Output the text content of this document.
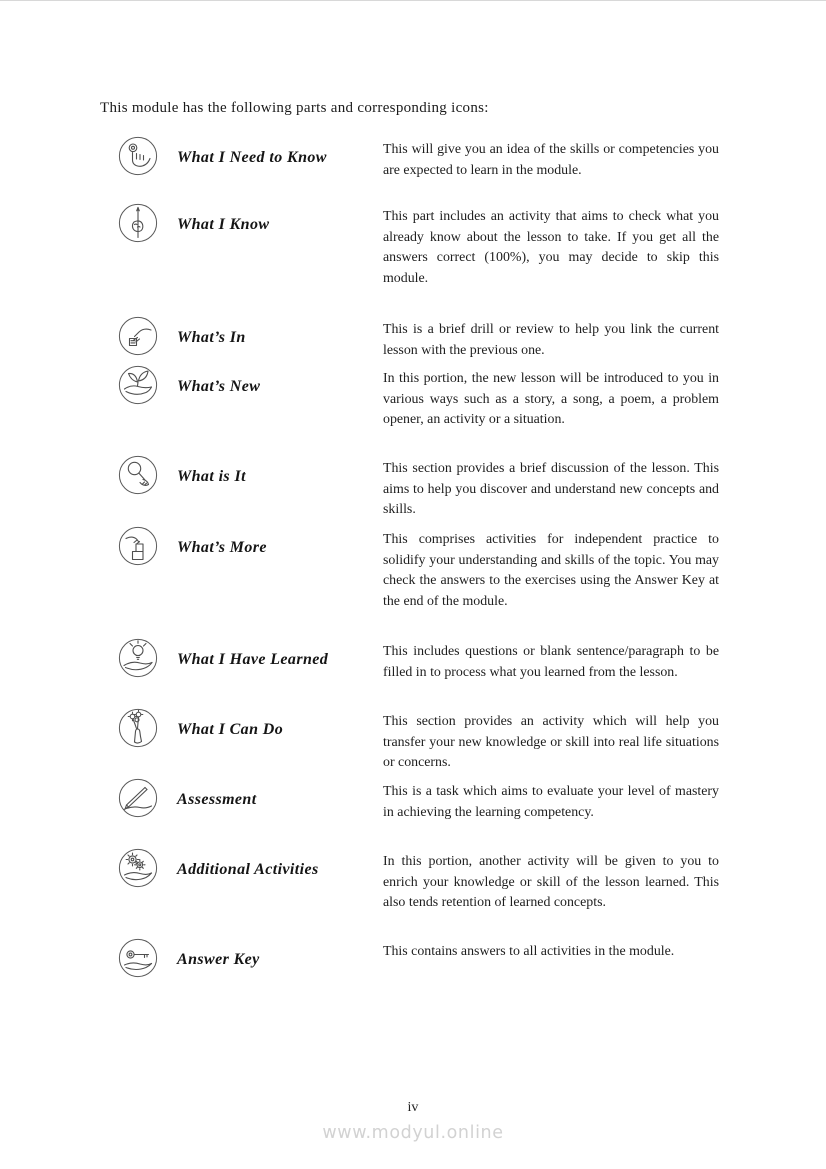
This module has the following parts and corresponding icons:
What I Need to Know	This will give you an idea of the skills or competencies you are expected to learn in the module.
What I Know	This part includes an activity that aims to check what you already know about the lesson to take. If you get all the answers correct (100%), you may decide to skip this module.
What’s In	This is a brief drill or review to help you link the current lesson with the previous one.
What’s New	In this portion, the new lesson will be introduced to you in various ways such as a story, a song, a poem, a problem opener, an activity or a situation.
What is It	This section provides a brief discussion of the lesson. This aims to help you discover and understand new concepts and skills.
What’s More	This comprises activities for independent practice to solidify your understanding and skills of the topic. You may check the answers to the exercises using the Answer Key at the end of the module.
What I Have Learned	This includes questions or blank sentence/paragraph to be filled in to process what you learned from the lesson.
What I Can Do	This section provides an activity which will help you transfer your new knowledge or skill into real life situations or concerns.
Assessment	This is a task which aims to evaluate your level of mastery in achieving the learning competency.
Additional Activities	In this portion, another activity will be given to you to enrich your knowledge or skill of the lesson learned. This also tends retention of learned concepts.
Answer Key	This contains answers to all activities in the module.
iv
www.modyul.online
